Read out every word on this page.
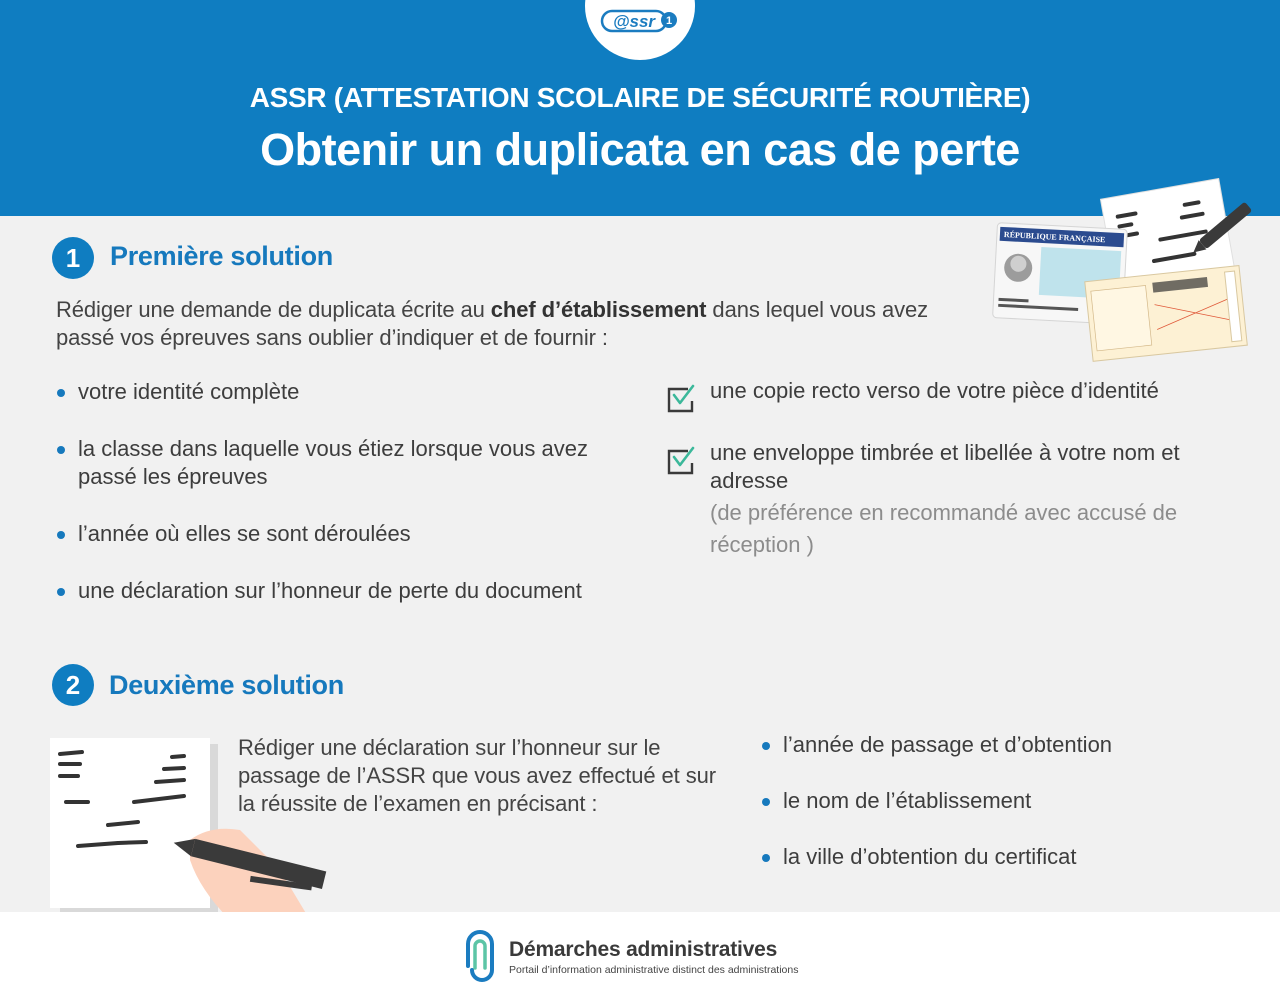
@ssr 1
ASSR (ATTESTATION SCOLAIRE DE SÉCURITÉ ROUTIÈRE)
Obtenir un duplicata en cas de perte
1	Première solution
Rédiger une demande de duplicata écrite au chef d’établissement dans lequel vous avez passé vos épreuves sans oublier d’indiquer et de fournir :
RÉPUBLIQUE FRANÇAISE
votre identité complète
la classe dans laquelle vous étiez lorsque vous avez passé les épreuves
l’année où elles se sont déroulées
une déclaration sur l’honneur de perte du document
une copie recto verso de votre pièce d’identité
une enveloppe timbrée et libellée à votre nom et adresse
(de préférence en recommandé avec accusé de réception )
2	Deuxième solution
Rédiger une déclaration sur l’honneur sur le passage de l’ASSR que vous avez effectué et sur la réussite de l’examen en précisant :
l’année de passage et d’obtention
le nom de l’établissement
la ville d’obtention du certificat
Démarches administratives
Portail d’information administrative distinct des administrations
